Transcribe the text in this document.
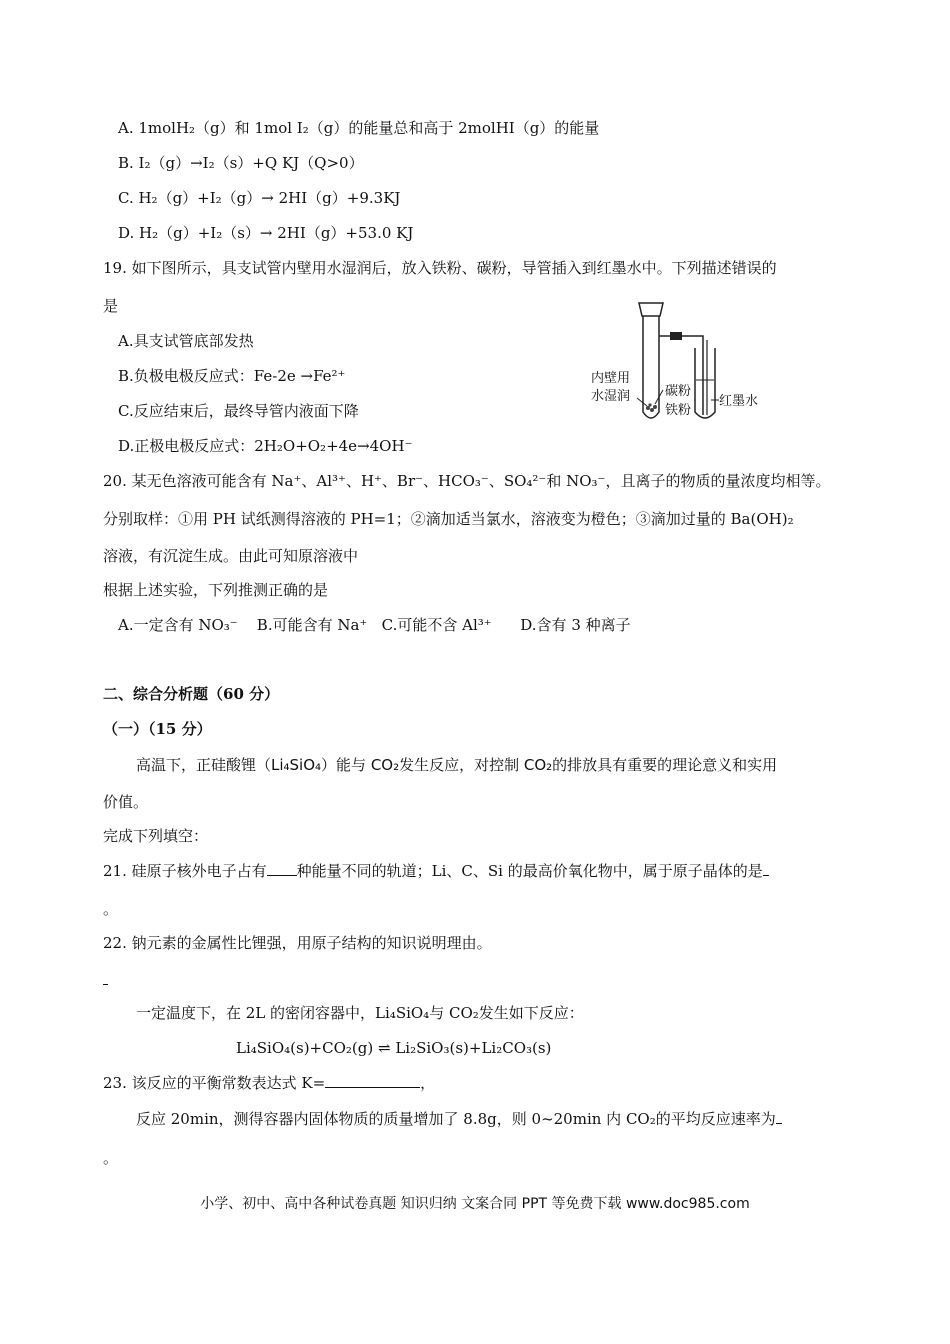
A. 1molH₂（g）和 1mol I₂（g）的能量总和高于 2molHI（g）的能量
B. I₂（g）→I₂（s）+Q KJ（Q>0）
C. H₂（g）+I₂（g）→ 2HI（g）+9.3KJ
D. H₂（g）+I₂（s）→ 2HI（g）+53.0 KJ
19. 如下图所示，具支试管内壁用水湿润后，放入铁粉、碳粉，导管插入到红墨水中。下列描述错误的
是
A.具支试管底部发热
B.负极电极反应式：Fe-2e →Fe²⁺
C.反应结束后，最终导管内液面下降
D.正极电极反应式：2H₂O+O₂+4e→4OH⁻
内壁用
水湿润	碳粉
铁粉
红墨水
20. 某无色溶液可能含有 Na⁺、Al³⁺、H⁺、Br⁻、HCO₃⁻、SO₄²⁻和 NO₃⁻，且离子的物质的量浓度均相等。
分别取样：①用 PH 试纸测得溶液的 PH=1；②滴加适当氯水，溶液变为橙色；③滴加过量的 Ba(OH)₂
溶液，有沉淀生成。由此可知原溶液中
根据上述实验，下列推测正确的是
A.一定含有 NO₃⁻    B.可能含有 Na⁺   C.可能不含 Al³⁺      D.含有 3 种离子
二、综合分析题（60 分）
（一）（15 分）
高温下，正硅酸锂（Li₄SiO₄）能与 CO₂发生反应，对控制 CO₂的排放具有重要的理论意义和实用
价值。
完成下列填空：
21. 硅原子核外电子占有 种能量不同的轨道；Li、C、Si 的最高价氧化物中，属于原子晶体的是
。
22. 钠元素的金属性比锂强，用原子结构的知识说明理由。
一定温度下，在 2L 的密闭容器中，Li₄SiO₄与 CO₂发生如下反应：
Li₄SiO₄(s)+CO₂(g) ⇌ Li₂SiO₃(s)+Li₂CO₃(s)
23. 该反应的平衡常数表达式 K=	，
反应 20min，测得容器内固体物质的质量增加了 8.8g，则 0~20min 内 CO₂的平均反应速率为
。
小学、初中、高中各种试卷真题 知识归纳 文案合同 PPT 等免费下载 www.doc985.com
